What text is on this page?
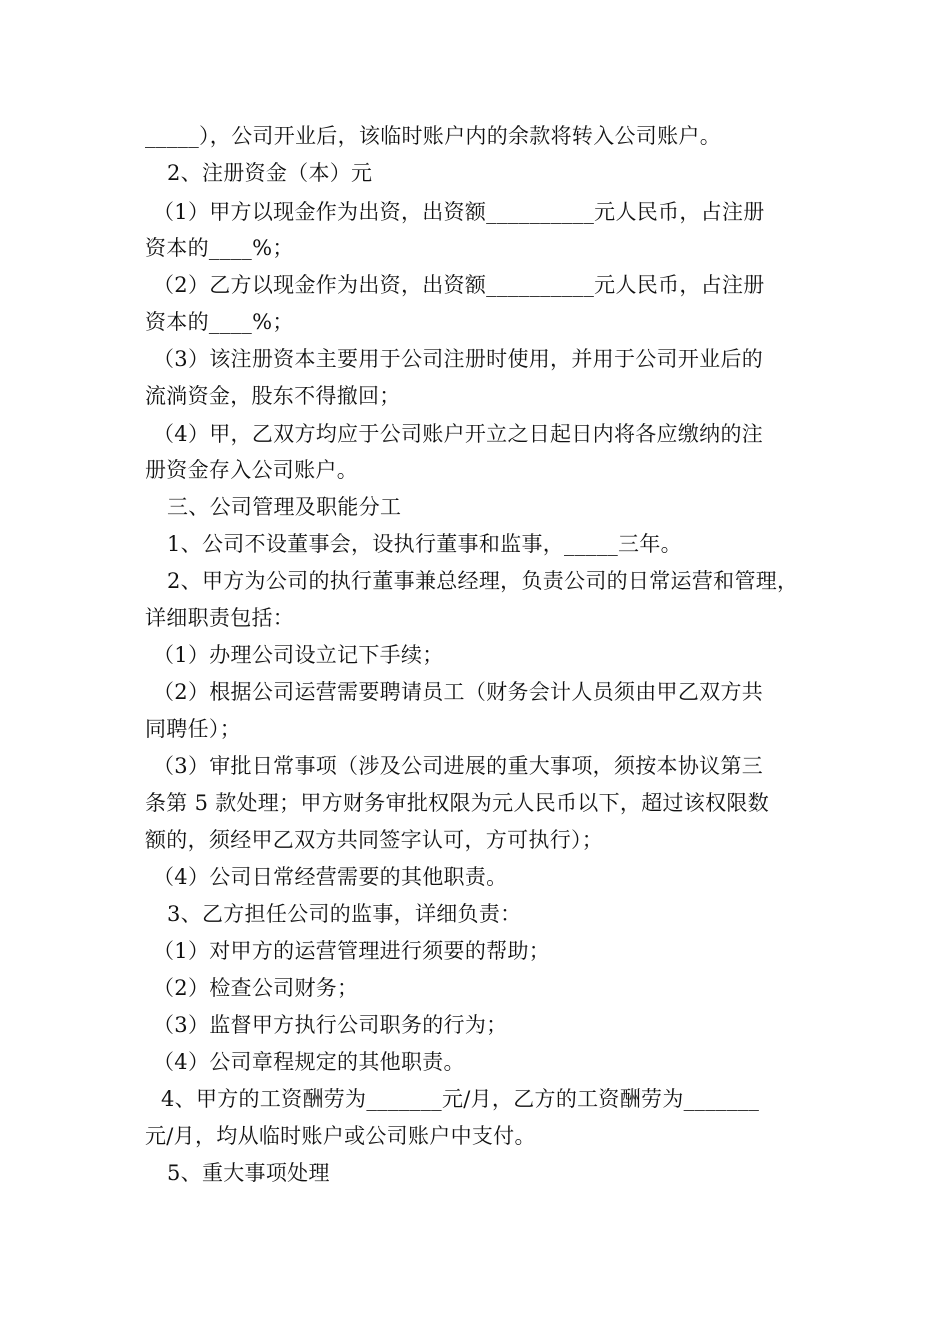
_____），公司开业后，该临时账户内的余款将转入公司账户。
2、注册资金（本）元
（1）甲方以现金作为出资，出资额__________元人民币，占注册
资本的____%；
（2）乙方以现金作为出资，出资额__________元人民币，占注册
资本的____%；
（3）该注册资本主要用于公司注册时使用，并用于公司开业后的
流淌资金，股东不得撤回；
（4）甲，乙双方均应于公司账户开立之日起日内将各应缴纳的注
册资金存入公司账户。
三、公司管理及职能分工
1、公司不设董事会，设执行董事和监事，_____三年。
2、甲方为公司的执行董事兼总经理，负责公司的日常运营和管理，
详细职责包括：
（1）办理公司设立记下手续；
（2）根据公司运营需要聘请员工（财务会计人员须由甲乙双方共
同聘任）；
（3）审批日常事项（涉及公司进展的重大事项，须按本协议第三
条第 5 款处理；甲方财务审批权限为元人民币以下，超过该权限数
额的，须经甲乙双方共同签字认可，方可执行）；
（4）公司日常经营需要的其他职责。
3、乙方担任公司的监事，详细负责：
（1）对甲方的运营管理进行须要的帮助；
（2）检查公司财务；
（3）监督甲方执行公司职务的行为；
（4）公司章程规定的其他职责。
4、甲方的工资酬劳为_______元/月，乙方的工资酬劳为_______
元/月，均从临时账户或公司账户中支付。
5、重大事项处理
